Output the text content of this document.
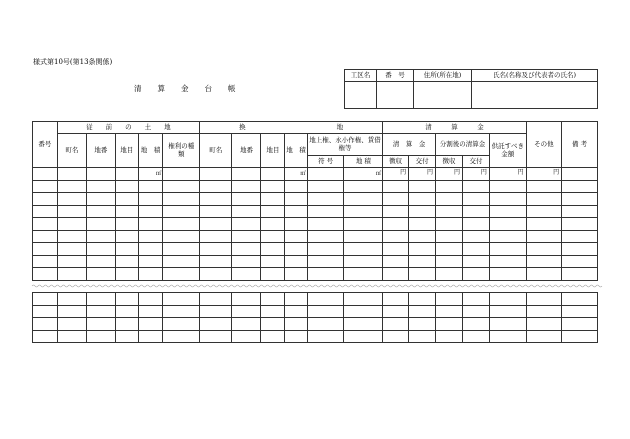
様式第10号(第13条関係)
清 算 金 台 帳
工区名	番　号	住所(所在地)	氏名(名称及び代表者の氏名)

番号	従　　前　　の　　土　　地					換　　　　　　　　　　　　　　地						清　　　算　　　金					その他	備 考
	町名	地番	地目	地　積	権利の種　類	町名	地番	地目	地　積	地上権、永小作権、賃借権等		清　算　金		分割後の清算金		供託すべき金額		
										符 号	地 積	徴収	交付	徴収	交付			
				㎡					㎡		㎡	円	円	円	円	円	円	
